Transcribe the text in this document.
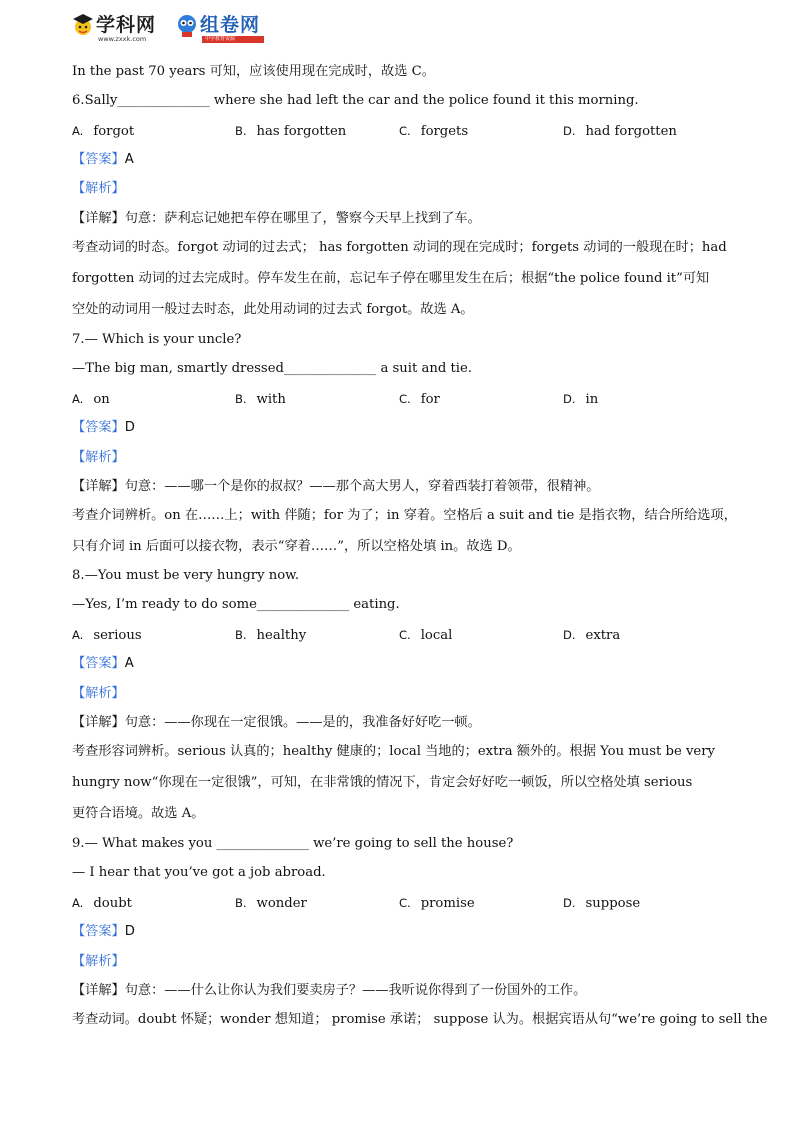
学科网
www.zxxk.com
组卷网
中学教育资源
In the past 70 years 可知，应该使用现在完成时，故选 C。
6.Sally______________ where she had left the car and the police found it this morning.
A. forgot	B. has forgotten	C. forgets	D. had forgotten
【答案】A
【解析】
【详解】句意：萨利忘记她把车停在哪里了，警察今天早上找到了车。
考查动词的时态。forgot 动词的过去式； has forgotten 动词的现在完成时；forgets 动词的一般现在时；had
forgotten 动词的过去完成时。停车发生在前，忘记车子停在哪里发生在后；根据“the police found it”可知
空处的动词用一般过去时态，此处用动词的过去式 forgot。故选 A。
7.— Which is your uncle?
—The big man, smartly dressed______________ a suit and tie.
A. on	B. with	C. for	D. in
【答案】D
【解析】
【详解】句意：——哪一个是你的叔叔？——那个高大男人，穿着西装打着领带，很精神。
考查介词辨析。on 在……上；with 伴随；for 为了；in 穿着。空格后 a suit and tie 是指衣物，结合所给选项，
只有介词 in 后面可以接衣物，表示“穿着……”，所以空格处填 in。故选 D。
8.—You must be very hungry now.
—Yes, I’m ready to do some______________ eating.
A. serious	B. healthy	C. local	D. extra
【答案】A
【解析】
【详解】句意：——你现在一定很饿。——是的，我准备好好吃一顿。
考查形容词辨析。serious 认真的；healthy 健康的；local 当地的；extra 额外的。根据 You must be very
hungry now“你现在一定很饿”，可知，在非常饿的情况下，肯定会好好吃一顿饭，所以空格处填 serious
更符合语境。故选 A。
9.— What makes you ______________ we’re going to sell the house?
— I hear that you’ve got a job abroad.
A. doubt	B. wonder	C. promise	D. suppose
【答案】D
【解析】
【详解】句意：——什么让你认为我们要卖房子？——我听说你得到了一份国外的工作。
考查动词。doubt 怀疑；wonder 想知道； promise 承诺； suppose 认为。根据宾语从句“we’re going to sell the
